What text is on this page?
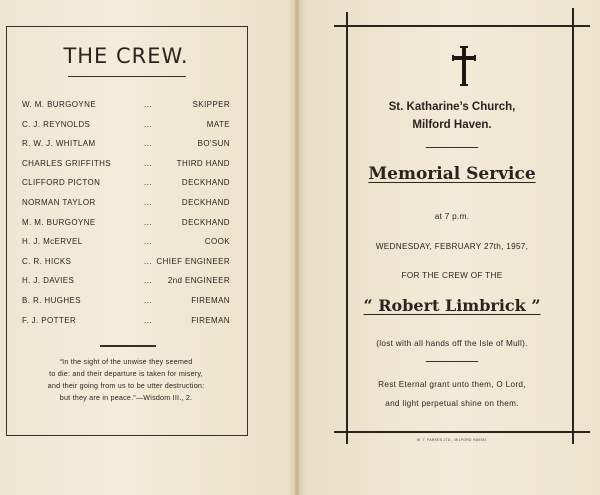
THE CREW.
W. M. BURGOYNE	...	SKIPPER
C. J. REYNOLDS	...	MATE
R. W. J. WHITLAM	...	BO'SUN
CHARLES GRIFFITHS	...	THIRD HAND
CLIFFORD PICTON	...	DECKHAND
NORMAN TAYLOR	...	DECKHAND
M. M. BURGOYNE	...	DECKHAND
H. J. McERVEL	...	COOK
C. R. HICKS	... CHIEF ENGINEER
H. J. DAVIES	... 2nd ENGINEER
B. R. HUGHES	...	FIREMAN
F. J. POTTER	...	FIREMAN
“In the sight of the unwise they seemed
to die: and their departure is taken for misery,
and their going from us to be utter destruction:
but they are in peace.”—Wisdom III., 2.
St. Katharine’s Church,
Milford Haven.
Memorial Service
at 7 p.m.
WEDNESDAY, FEBRUARY 27th, 1957,
FOR THE CREW OF THE
“ Robert Limbrick ”
(lost with all hands off the Isle of Mull).
Rest Eternal grant unto them, O Lord,
and light perpetual shine on them.
W. T. PARKES LTD., MILFORD HAVEN.
